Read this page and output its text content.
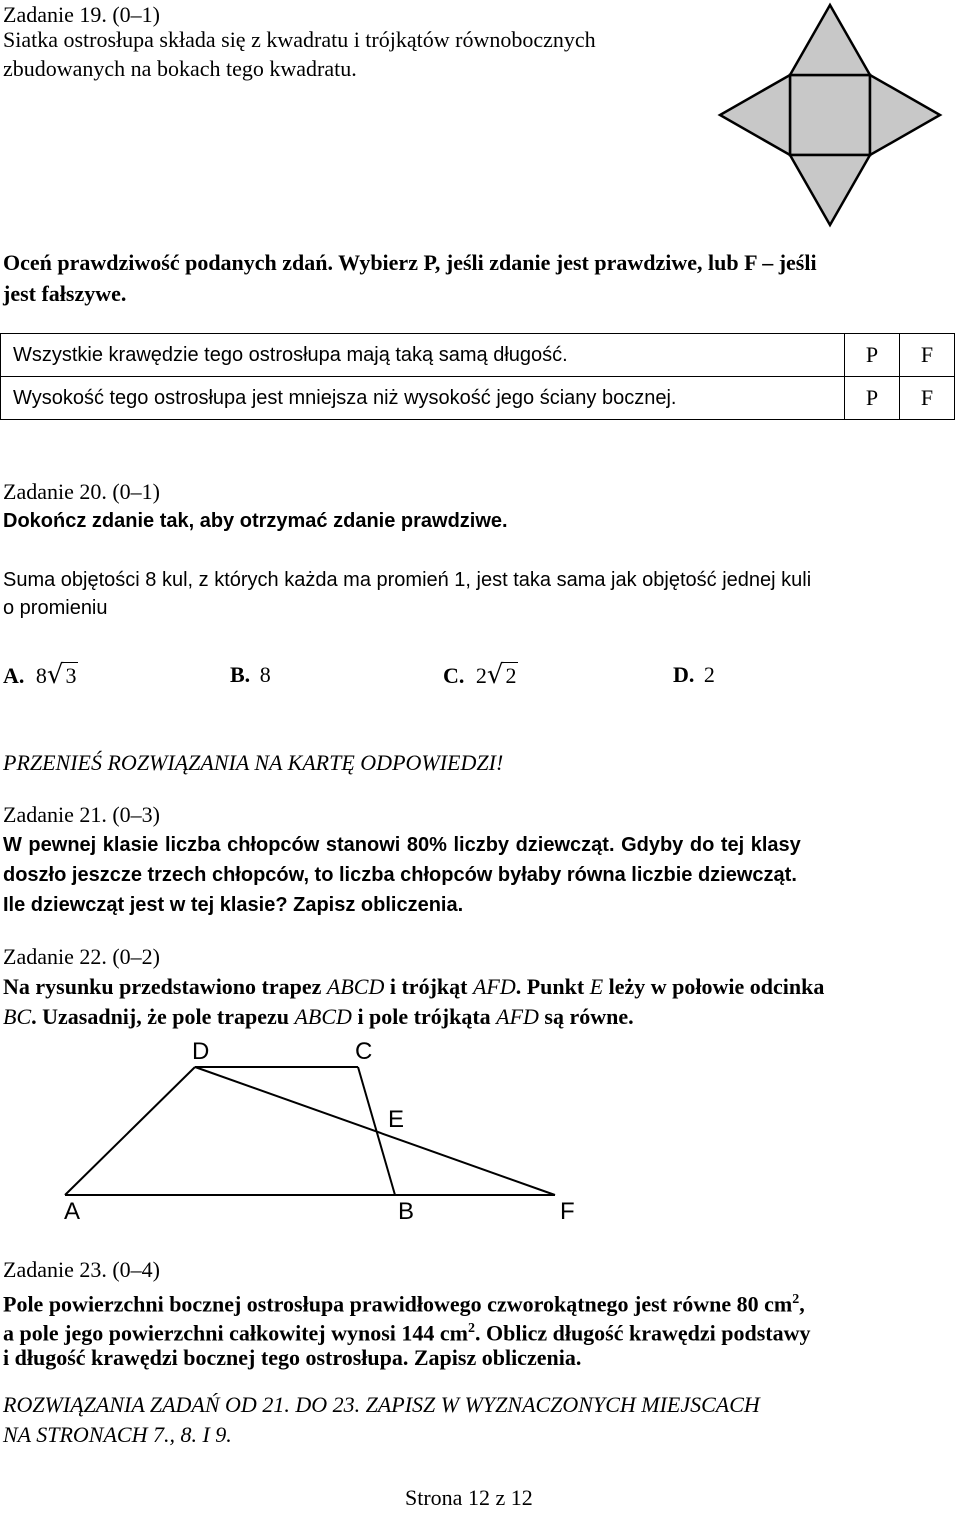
Zadanie 19. (0–1)
Siatka ostrosłupa składa się z kwadratu i trójkątów równobocznych
zbudowanych na bokach tego kwadratu.
Oceń prawdziwość podanych zdań. Wybierz P, jeśli zdanie jest prawdziwe, lub F – jeśli
jest fałszywe.
Wszystkie krawędzie tego ostrosłupa mają taką samą długość.	P	F
Wysokość tego ostrosłupa jest mniejsza niż wysokość jego ściany bocznej.	P	F
Zadanie 20. (0–1)
Dokończ zdanie tak, aby otrzymać zdanie prawdziwe.
Suma objętości 8 kul, z których każda ma promień 1, jest taka sama jak objętość jednej kuli
o promieniu
A. 8√3	B. 8	C. 2√2	D. 2
PRZENIEŚ ROZWIĄZANIA NA KARTĘ ODPOWIEDZI!
Zadanie 21. (0–3)
W pewnej klasie liczba chłopców stanowi 80% liczby dziewcząt. Gdyby do tej klasy
doszło jeszcze trzech chłopców, to liczba chłopców byłaby równa liczbie dziewcząt.
Ile dziewcząt jest w tej klasie? Zapisz obliczenia.
Zadanie 22. (0–2)
Na rysunku przedstawiono trapez ABCD i trójkąt AFD. Punkt E leży w połowie odcinka
BC. Uzasadnij, że pole trapezu ABCD i pole trójkąta AFD są równe.
D	C
E
A	B	F
Zadanie 23. (0–4)
Pole powierzchni bocznej ostrosłupa prawidłowego czworokątnego jest równe 80 $cm^2$,
a pole jego powierzchni całkowitej wynosi 144 $cm^2$. Oblicz długość krawędzi podstawy
i długość krawędzi bocznej tego ostrosłupa. Zapisz obliczenia.
ROZWIĄZANIA ZADAŃ OD 21. DO 23. ZAPISZ W WYZNACZONYCH MIEJSCACH
NA STRONACH 7., 8. I 9.
Strona 12 z 12
